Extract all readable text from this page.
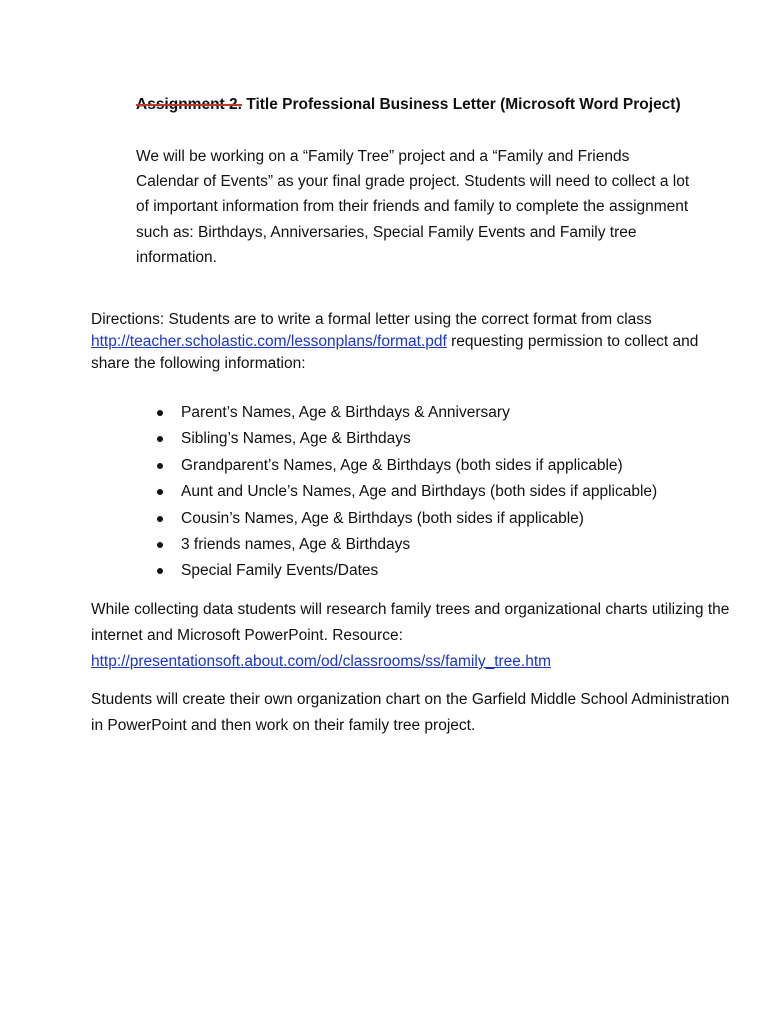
Assignment 2. Title Professional Business Letter (Microsoft Word Project)

We will be working on a “Family Tree” project and a “Family and Friends Calendar of Events” as your final grade project. Students will need to collect a lot of important information from their friends and family to complete the assignment such as: Birthdays, Anniversaries, Special Family Events and Family tree information.

Directions: Students are to write a formal letter using the correct format from class http://teacher.scholastic.com/lessonplans/format.pdf requesting permission to collect and share the following information:

Parent’s Names, Age & Birthdays & Anniversary
Sibling’s Names, Age & Birthdays
Grandparent’s Names, Age & Birthdays (both sides if applicable)
Aunt and Uncle’s Names, Age and Birthdays (both sides if applicable)
Cousin’s Names, Age & Birthdays (both sides if applicable)
3 friends names, Age & Birthdays
Special Family Events/Dates

While collecting data students will research family trees and organizational charts utilizing the internet and Microsoft PowerPoint. Resource:
http://presentationsoft.about.com/od/classrooms/ss/family_tree.htm

Students will create their own organization chart on the Garfield Middle School Administration in PowerPoint and then work on their family tree project.
